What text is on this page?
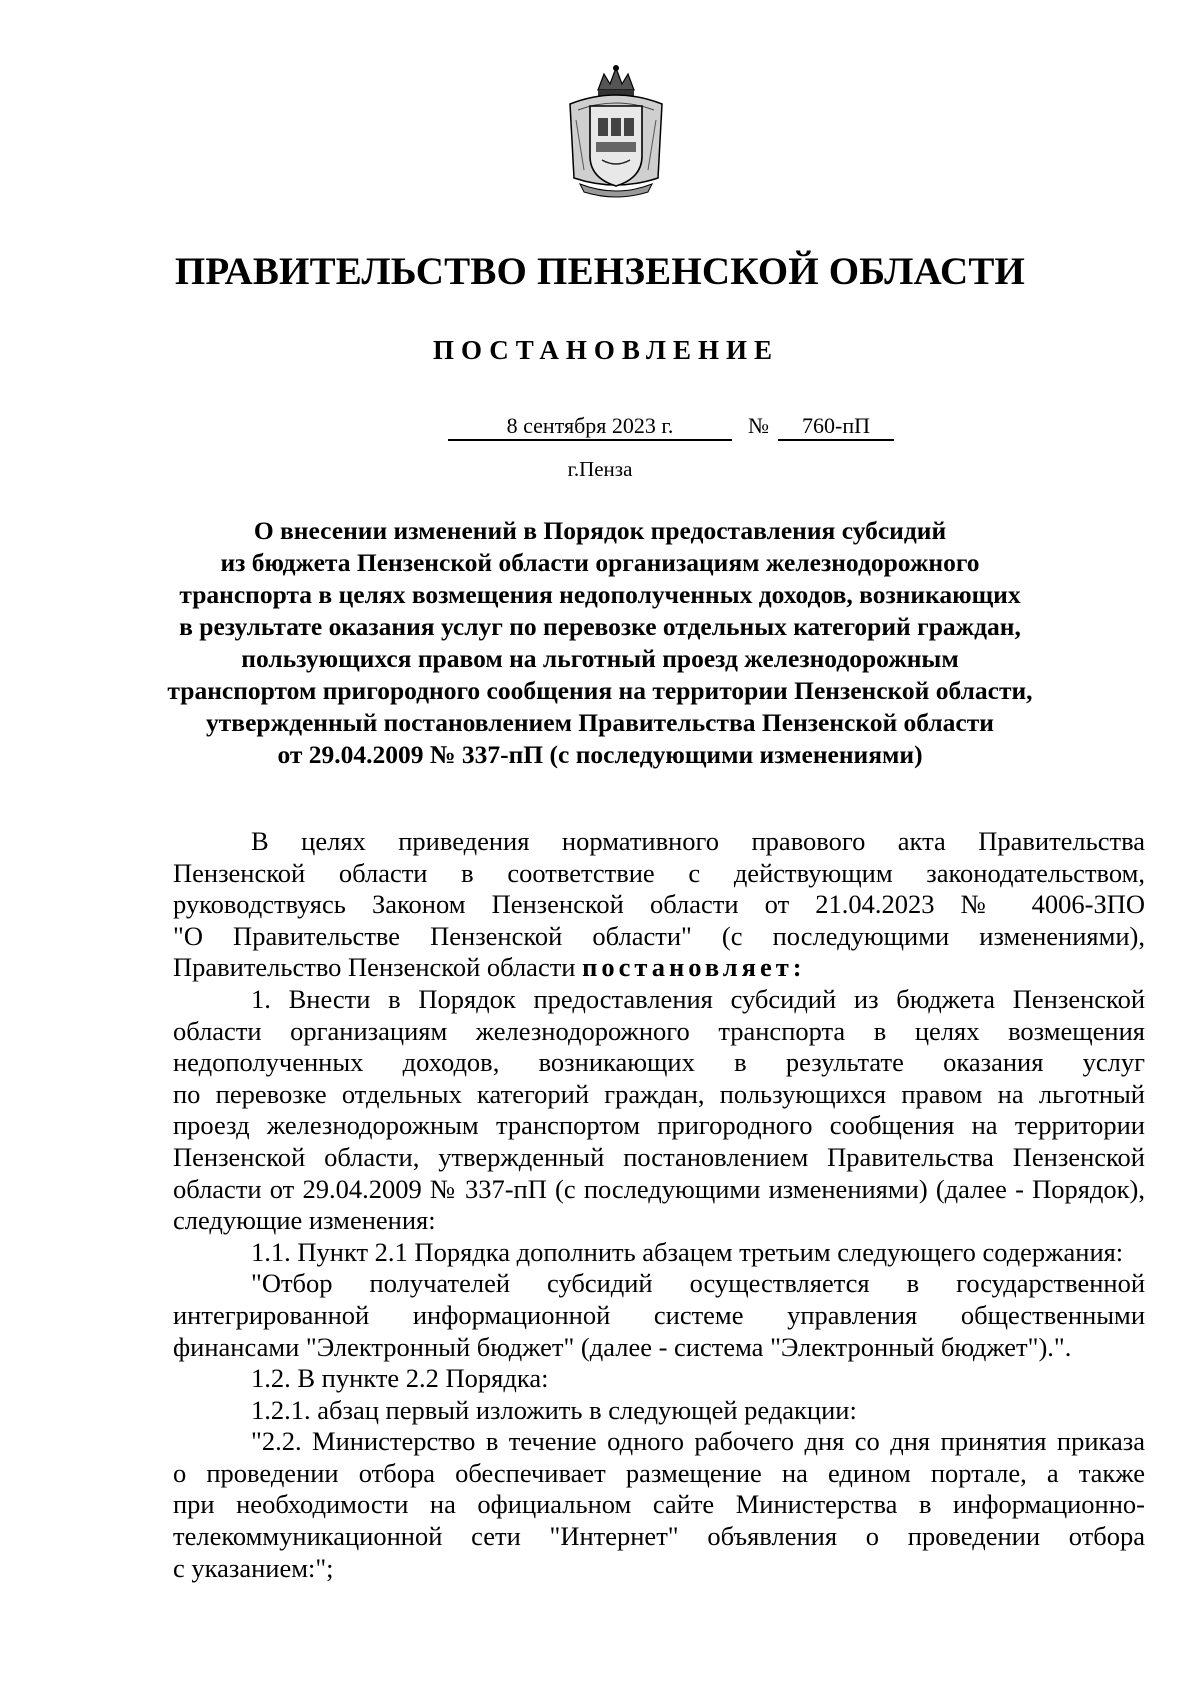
ПРАВИТЕЛЬСТВО ПЕНЗЕНСКОЙ ОБЛАСТИ
ПОСТАНОВЛЕНИЕ
8 сентября 2023 г.	№	760-пП
г.Пенза
О внесении изменений в Порядок предоставления субсидий
из бюджета Пензенской области организациям железнодорожного
транспорта в целях возмещения недополученных доходов, возникающих
в результате оказания услуг по перевозке отдельных категорий граждан,
пользующихся правом на льготный проезд железнодорожным
транспортом пригородного сообщения на территории Пензенской области,
утвержденный постановлением Правительства Пензенской области
от 29.04.2009 № 337-пП (с последующими изменениями)
В целях приведения нормативного правового акта Правительства
Пензенской области в соответствие с действующим законодательством,
руководствуясь Законом Пензенской области от 21.04.2023 № 4006-ЗПО
"О Правительстве Пензенской области" (с последующими изменениями),
Правительство Пензенской области постановляет:
1. Внести в Порядок предоставления субсидий из бюджета Пензенской
области организациям железнодорожного транспорта в целях возмещения
недополученных доходов, возникающих в результате оказания услуг
по перевозке отдельных категорий граждан, пользующихся правом на льготный
проезд железнодорожным транспортом пригородного сообщения на территории
Пензенской области, утвержденный постановлением Правительства Пензенской
области от 29.04.2009 № 337-пП (с последующими изменениями) (далее - Порядок),
следующие изменения:
1.1. Пункт 2.1 Порядка дополнить абзацем третьим следующего содержания:
"Отбор получателей субсидий осуществляется в государственной
интегрированной информационной системе управления общественными
финансами "Электронный бюджет" (далее - система "Электронный бюджет").".
1.2. В пункте 2.2 Порядка:
1.2.1. абзац первый изложить в следующей редакции:
"2.2. Министерство в течение одного рабочего дня со дня принятия приказа
о проведении отбора обеспечивает размещение на едином портале, а также
при необходимости на официальном сайте Министерства в информационно-
телекоммуникационной сети "Интернет" объявления о проведении отбора
с указанием:";
